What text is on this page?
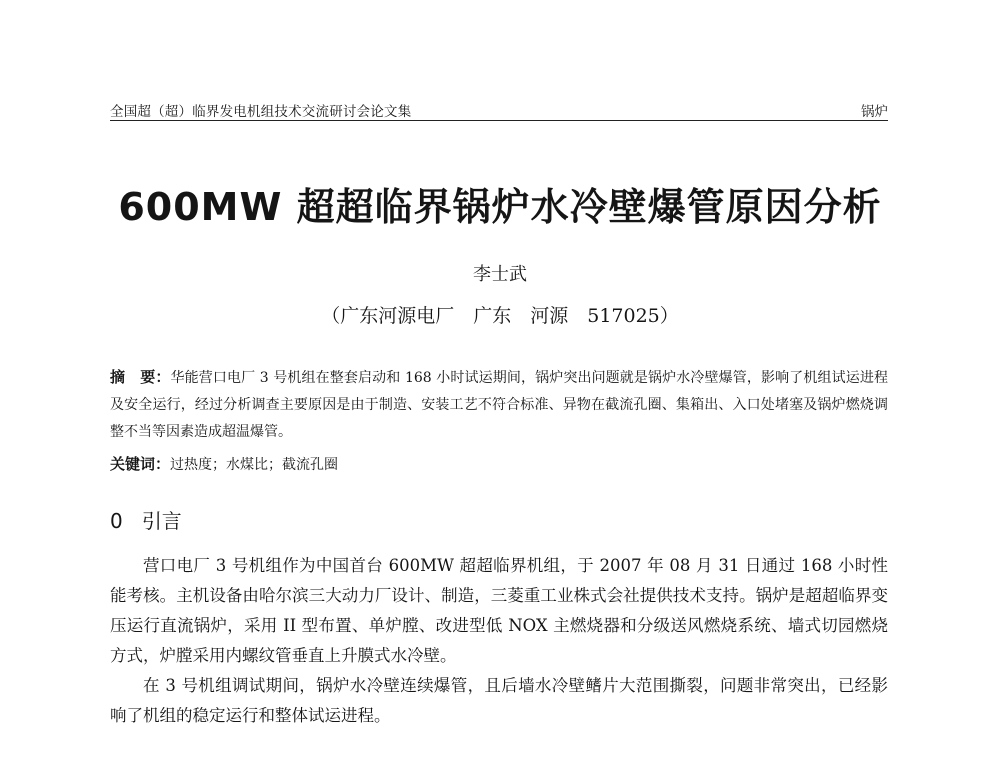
全国超（超）临界发电机组技术交流研讨会论文集	锅炉
600MW 超超临界锅炉水冷壁爆管原因分析
李士武
（广东河源电厂　广东　河源　517025）
摘　要：华能营口电厂 3 号机组在整套启动和 168 小时试运期间，锅炉突出问题就是锅炉水冷壁爆管，影响了机组试运进程及安全运行，经过分析调查主要原因是由于制造、安装工艺不符合标准、异物在截流孔圈、集箱出、入口处堵塞及锅炉燃烧调整不当等因素造成超温爆管。
关键词：过热度；水煤比；截流孔圈
0 引言

营口电厂 3 号机组作为中国首台 600MW 超超临界机组，于 2007 年 08 月 31 日通过 168 小时性能考核。主机设备由哈尔滨三大动力厂设计、制造，三菱重工业株式会社提供技术支持。锅炉是超超临界变压运行直流锅炉，采用 II 型布置、单炉膛、改进型低 NOX 主燃烧器和分级送风燃烧系统、墙式切园燃烧方式，炉膛采用内螺纹管垂直上升膜式水冷壁。

在 3 号机组调试期间，锅炉水冷壁连续爆管，且后墙水冷壁鳍片大范围撕裂，问题非常突出，已经影响了机组的稳定运行和整体试运进程。
